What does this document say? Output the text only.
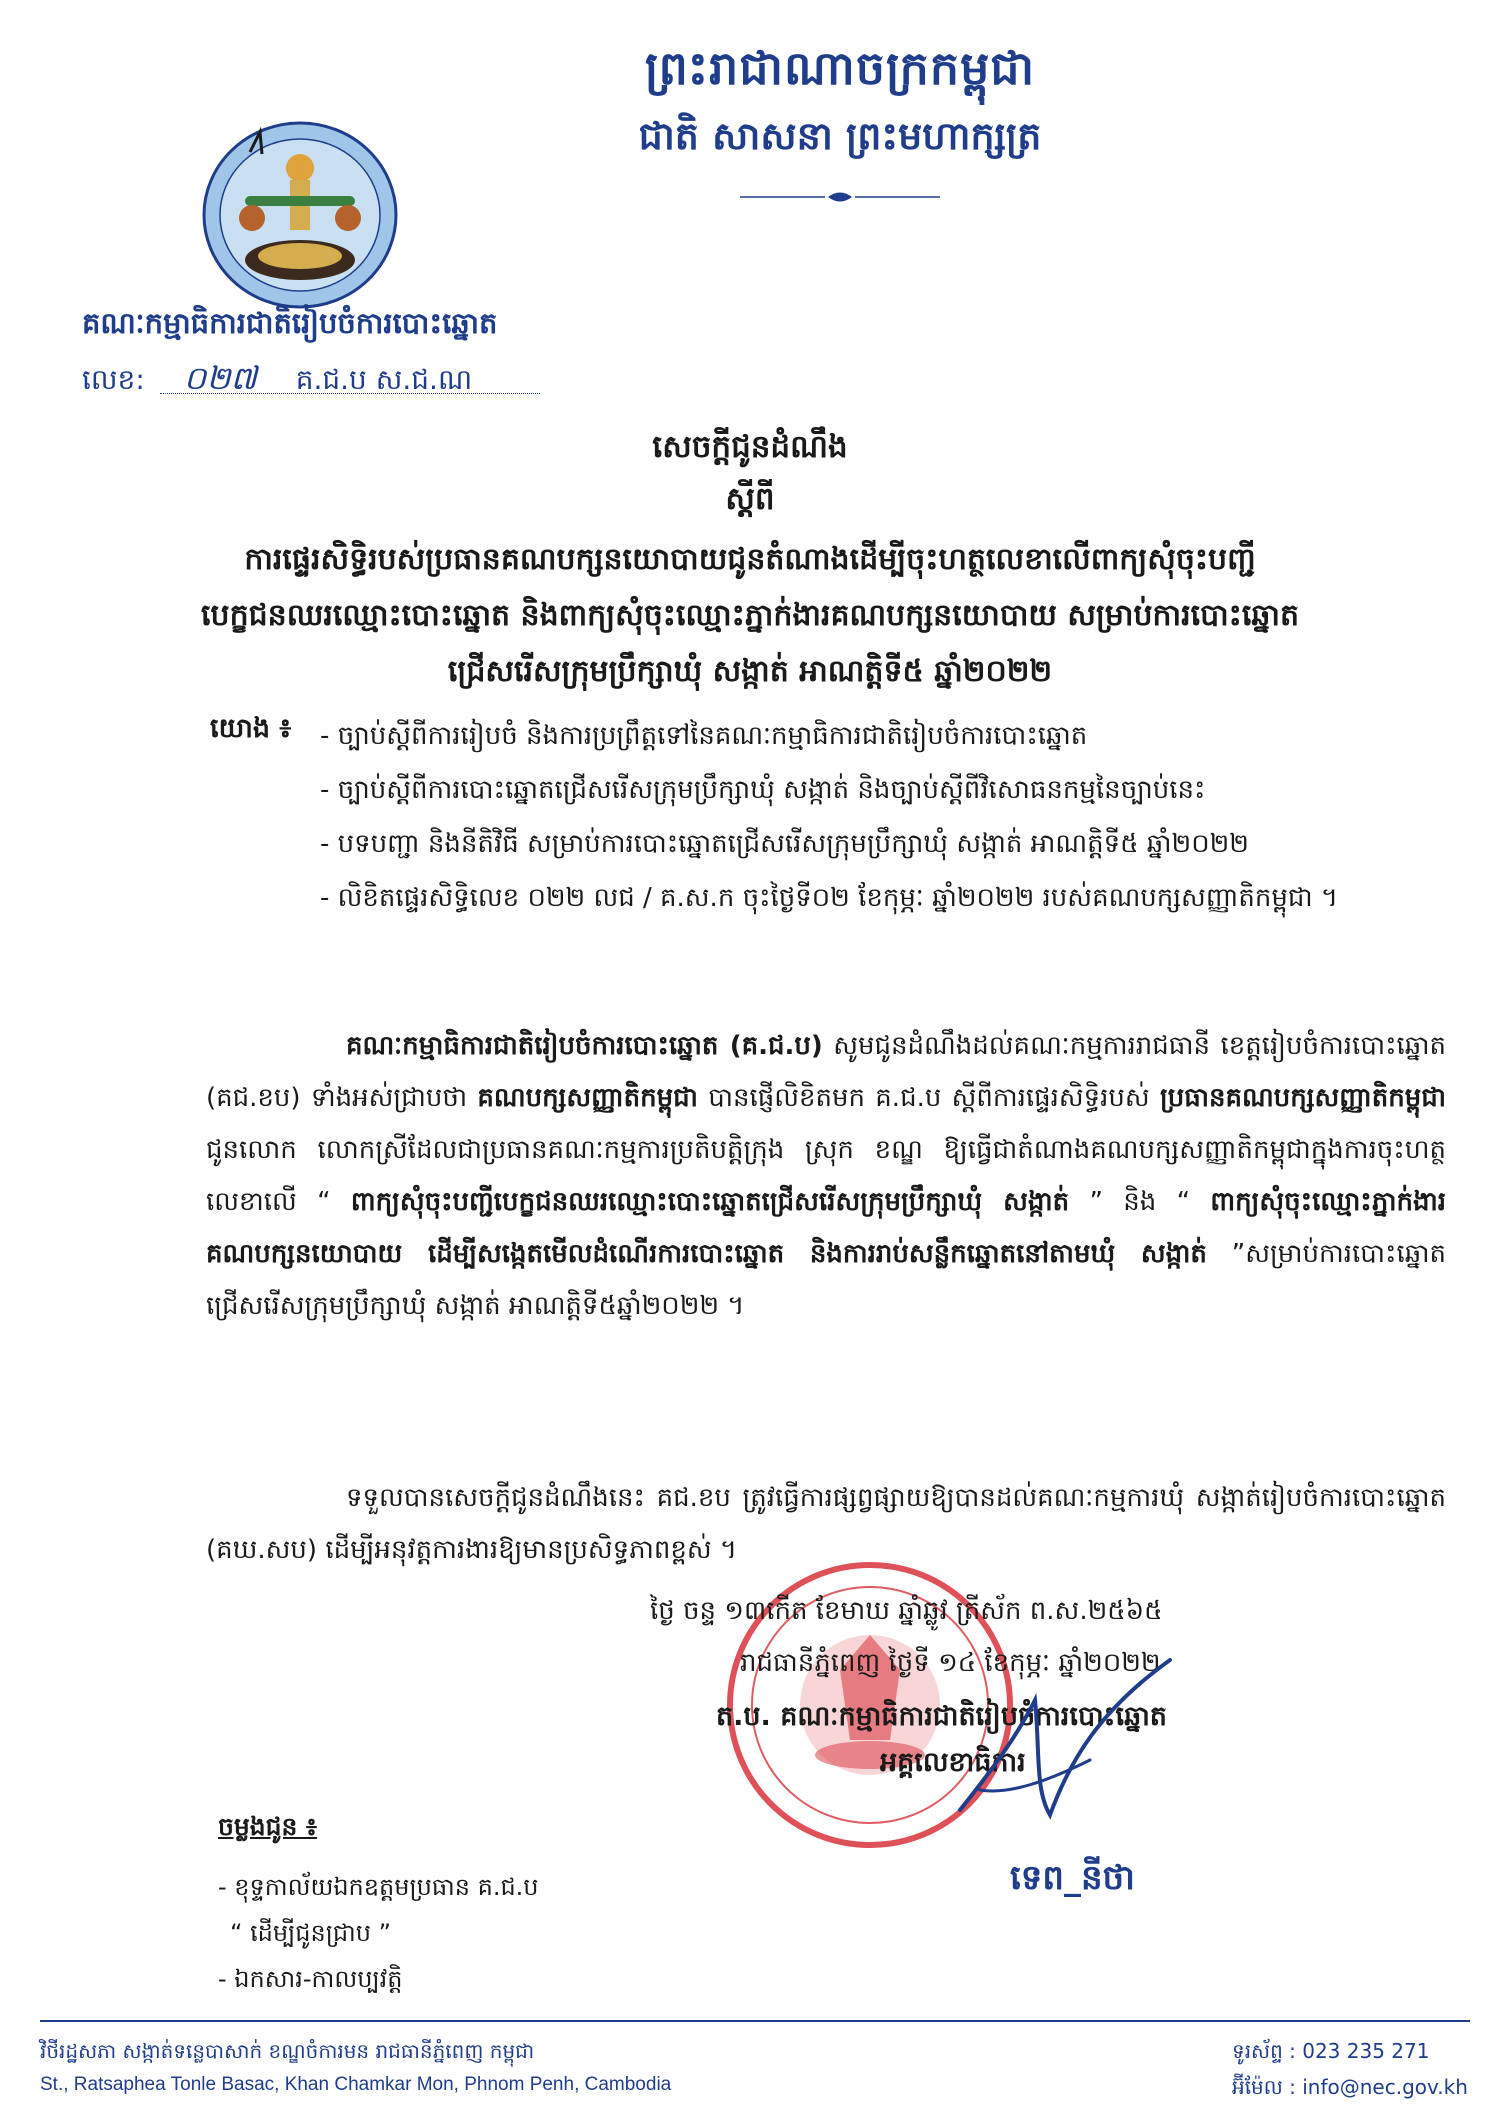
ព្រះរាជាណាចក្រកម្ពុជា
ជាតិ សាសនា ព្រះមហាក្សត្រ
គណៈកម្មាធិការជាតិរៀបចំការបោះឆ្នោត
លេខ: ០២៧ គ.ជ.ប ស.ជ.ណ
សេចក្តីជូនដំណឹង
ស្តីពី
ការផ្ទេរសិទ្ធិរបស់ប្រធានគណបក្សនយោបាយជូនតំណាងដើម្បីចុះហត្ថលេខាលើពាក្យសុំចុះបញ្ជីបេក្ខជនឈរឈ្មោះបោះឆ្នោត និងពាក្យសុំចុះឈ្មោះភ្នាក់ងារគណបក្សនយោបាយ សម្រាប់ការបោះឆ្នោតជ្រើសរើសក្រុមប្រឹក្សាឃុំ សង្កាត់ អាណត្តិទី៥ ឆ្នាំ២០២២
យោង ៖ - ច្បាប់ស្តីពីការរៀបចំ និងការប្រព្រឹត្តទៅនៃគណៈកម្មាធិការជាតិរៀបចំការបោះឆ្នោត
- ច្បាប់ស្តីពីការបោះឆ្នោតជ្រើសរើសក្រុមប្រឹក្សាឃុំ សង្កាត់ និងច្បាប់ស្តីពីវិសោធនកម្មនៃច្បាប់នេះ
- បទបញ្ជា និងនីតិវិធី សម្រាប់ការបោះឆ្នោតជ្រើសរើសក្រុមប្រឹក្សាឃុំ សង្កាត់ អាណត្តិទី៥ ឆ្នាំ២០២២
- លិខិតផ្ទេរសិទ្ធិលេខ ០២២ លជ / គ.ស.ក ចុះថ្ងៃទី០២ ខែកុម្ភៈ ឆ្នាំ២០២២ របស់គណបក្សសញ្ញាតិកម្ពុជា ។
គណៈកម្មាធិការជាតិរៀបចំការបោះឆ្នោត (គ.ជ.ប) សូមជូនដំណឹងដល់គណៈកម្មការរាជធានី ខេត្តរៀបចំការបោះឆ្នោត (គជ.ខប) ទាំងអស់ជ្រាបថា គណបក្សសញ្ញាតិកម្ពុជា បានផ្ញើលិខិតមក គ.ជ.ប ស្តីពីការផ្ទេរសិទ្ធិរបស់ ប្រធានគណបក្សសញ្ញាតិកម្ពុជា ជូនលោក លោកស្រីដែលជាប្រធានគណៈកម្មការប្រតិបត្តិក្រុង ស្រុក ខណ្ឌ ឱ្យធ្វើជាតំណាងគណបក្សសញ្ញាតិកម្ពុជាក្នុងការចុះហត្ថលេខាលើ “ ពាក្យសុំចុះបញ្ជីបេក្ខជនឈរឈ្មោះបោះឆ្នោតជ្រើសរើសក្រុមប្រឹក្សាឃុំ សង្កាត់ ” និង “ ពាក្យសុំចុះឈ្មោះភ្នាក់ងារគណបក្សនយោបាយ ដើម្បីសង្កេតមើលដំណើរការបោះឆ្នោត និងការរាប់សន្លឹកឆ្នោតនៅតាមឃុំ សង្កាត់ ”សម្រាប់ការបោះឆ្នោតជ្រើសរើសក្រុមប្រឹក្សាឃុំ សង្កាត់ អាណត្តិទី៥ឆ្នាំ២០២២ ។
ទទួលបានសេចក្តីជូនដំណឹងនេះ គជ.ខប ត្រូវធ្វើការផ្សព្វផ្សាយឱ្យបានដល់គណៈកម្មការឃុំ សង្កាត់រៀបចំការបោះឆ្នោត (គឃ.សប) ដើម្បីអនុវត្តការងារឱ្យមានប្រសិទ្ធភាពខ្ពស់ ។
ថ្ងៃ ចន្ទ ១៣កើត ខែមាឃ ឆ្នាំឆ្លូវ ត្រីស័ក ព.ស.២៥៦៥
រាជធានីភ្នំពេញ ថ្ងៃទី ១៤ ខែកុម្ភៈ ឆ្នាំ២០២២
ត.ប. គណៈកម្មាធិការជាតិរៀបចំការបោះឆ្នោត
អគ្គលេខាធិការ
ទេព_នីថា
ចម្លងជូន ៖
- ខុទ្ទកាល័យឯកឧត្តមប្រធាន គ.ជ.ប
“ ដើម្បីជូនជ្រាប ”
- ឯកសារ-កាលប្បវត្តិ
វិថីរដ្ឋសភា សង្កាត់ទន្លេបាសាក់ ខណ្ឌចំការមន រាជធានីភ្នំពេញ កម្ពុជា
St., Ratsaphea Tonle Basac, Khan Chamkar Mon, Phnom Penh, Cambodia
ទូរស័ព្ទ : 023 235 271
អ៊ីម៉ែល : info@nec.gov.kh
